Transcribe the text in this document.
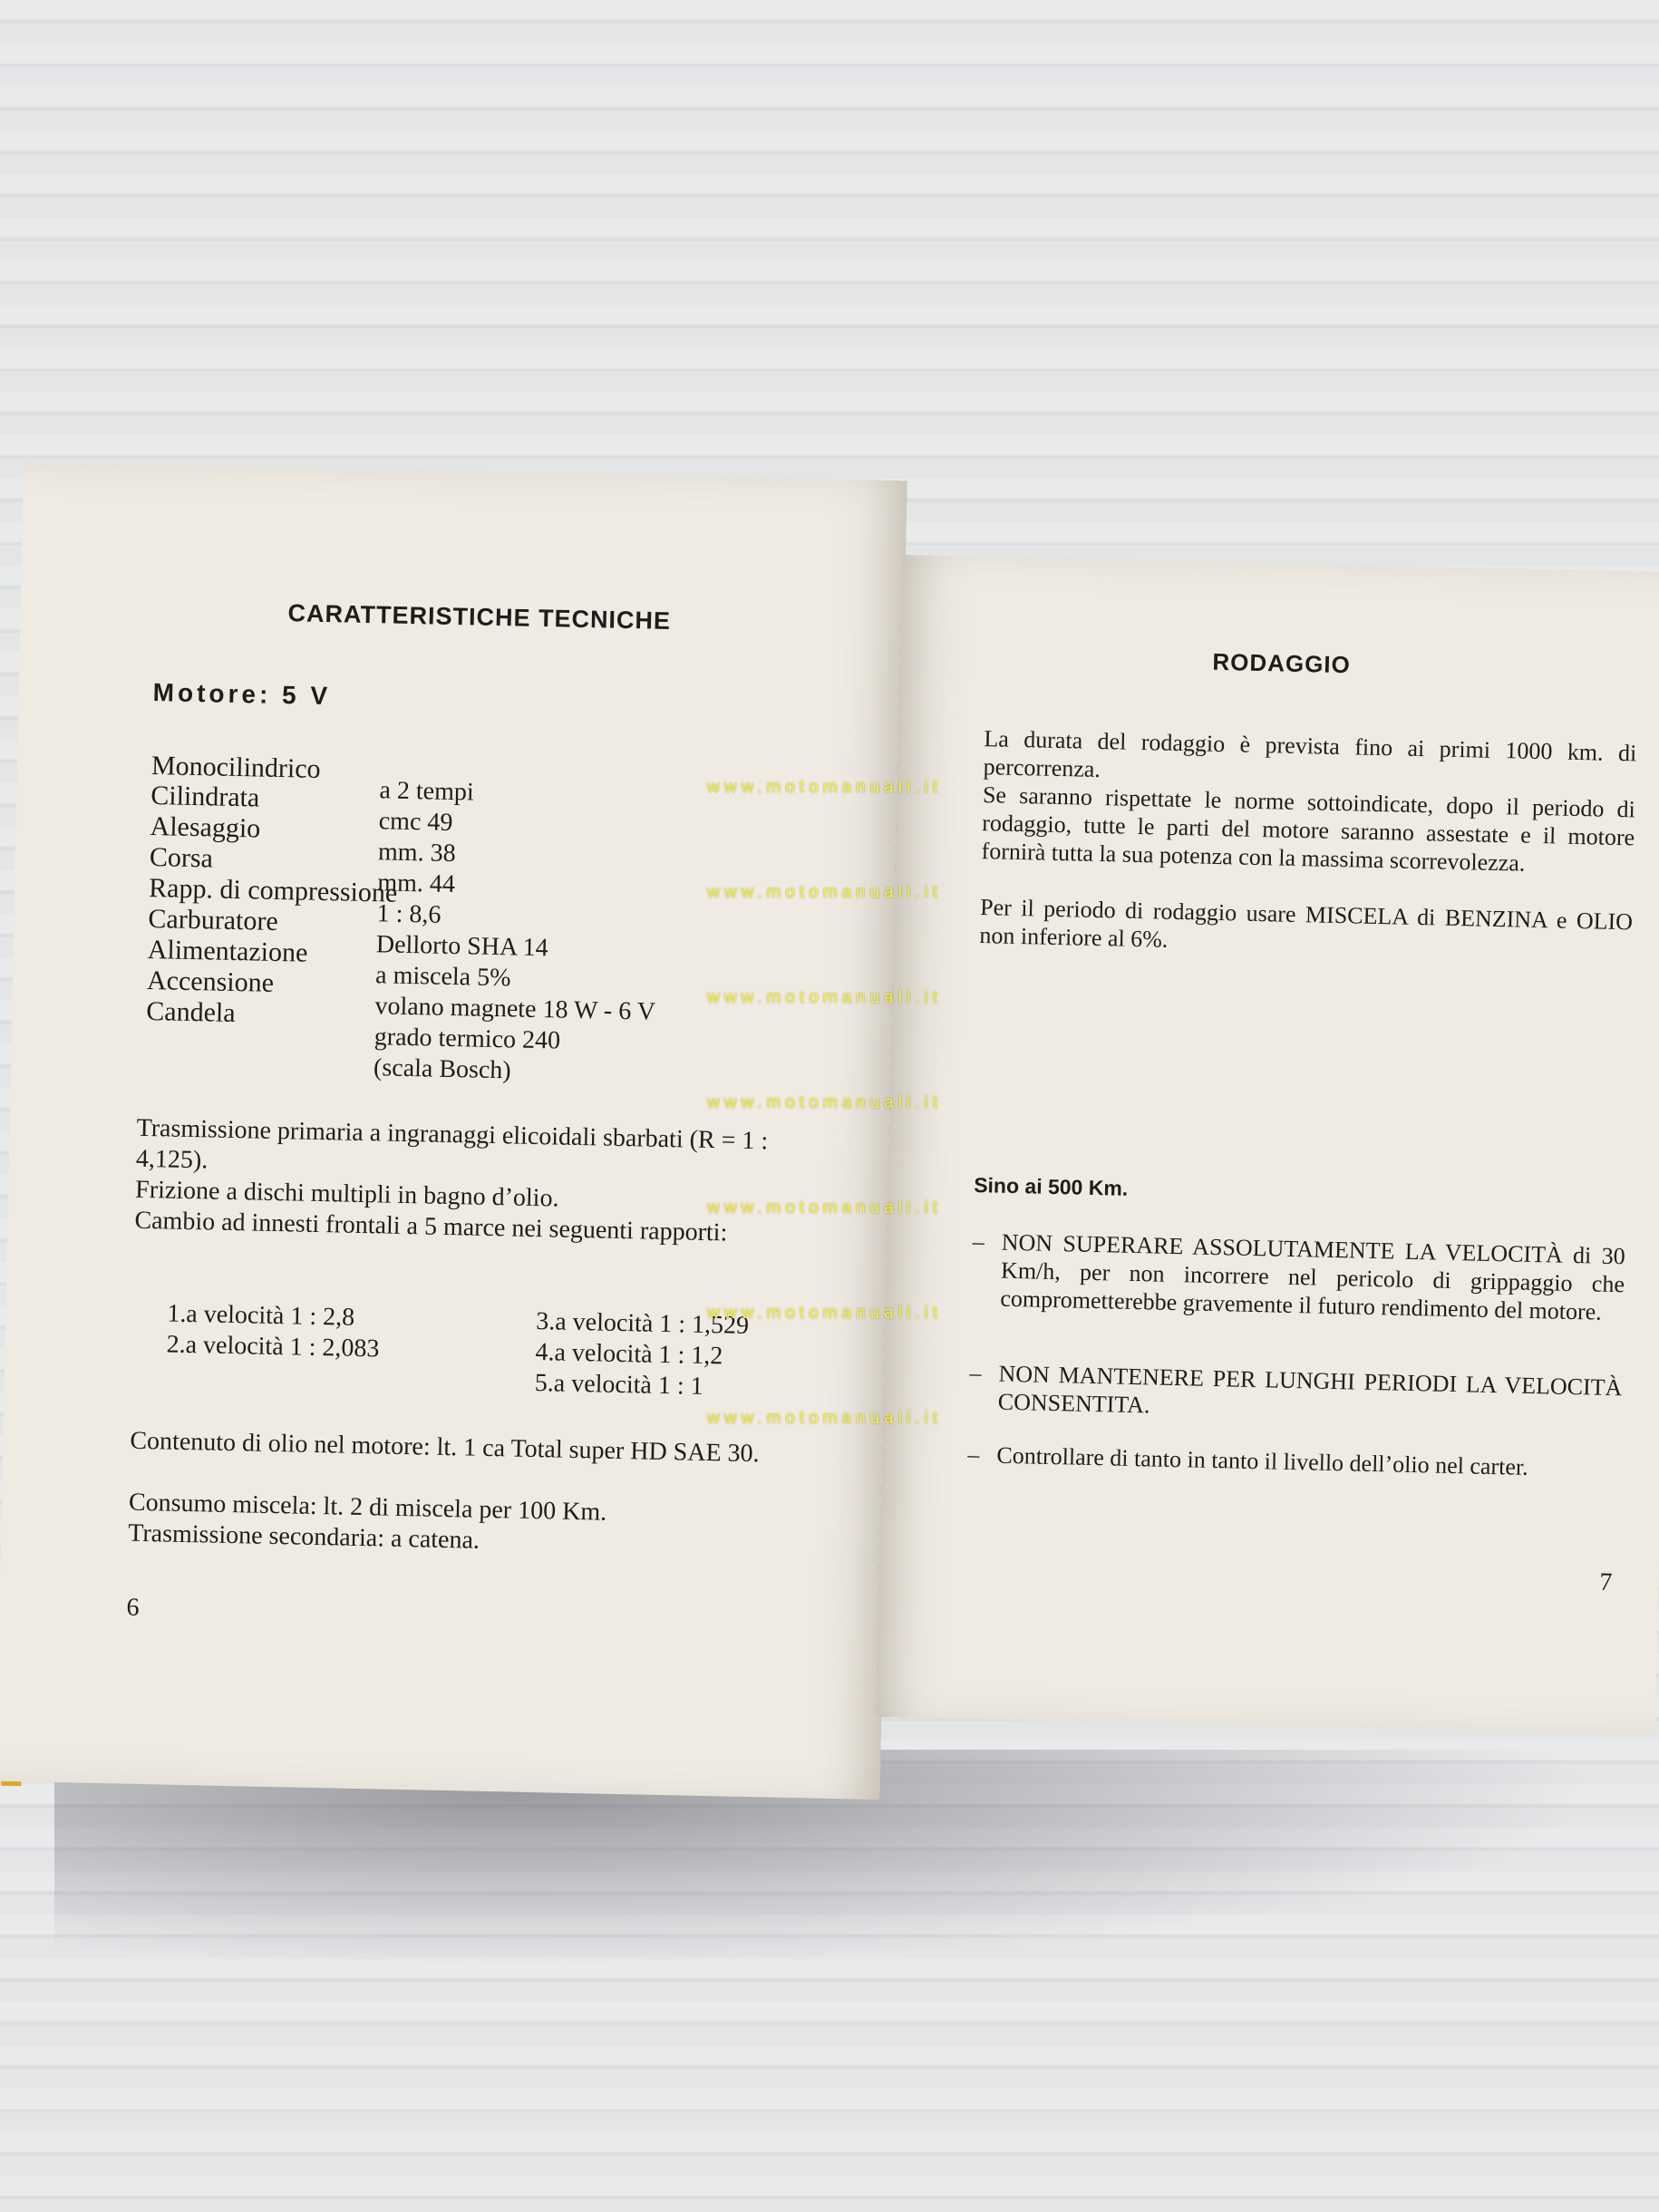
CARATTERISTICHE TECNICHE
Motore: 5 V
Monocilindrico
Cilindrata
Alesaggio
Corsa
Rapp. di compressione
Carburatore
Alimentazione
Accensione
Candela
a 2 tempi
cmc 49
mm. 38
mm. 44
1 : 8,6
Dellorto SHA 14
a miscela 5%
volano magnete 18 W - 6 V
grado termico 240
(scala Bosch)
Trasmissione primaria a ingranaggi elicoidali sbarbati (R = 1 : 4,125).
Frizione a dischi multipli in bagno d’olio.
Cambio ad innesti frontali a 5 marce nei seguenti rapporti:
1.a velocità 1 : 2,8
2.a velocità 1 : 2,083
3.a velocità 1 : 1,529
4.a velocità 1 : 1,2
5.a velocità 1 : 1
Contenuto di olio nel motore: lt. 1 ca Total super HD SAE 30.
Consumo miscela: lt. 2 di miscela per 100 Km.
Trasmissione secondaria: a catena.
6
RODAGGIO
La durata del rodaggio è prevista fino ai primi 1000 km. di percorrenza.
Se saranno rispettate le norme sottoindicate, dopo il periodo di rodaggio, tutte le parti del motore saranno assestate e il motore fornirà tutta la sua potenza con la massima scorrevolezza.
Per il periodo di rodaggio usare MISCELA di BENZINA e OLIO non inferiore al 6%.
Sino ai 500 Km.
– NON SUPERARE ASSOLUTAMENTE LA VELOCITÀ di 30 Km/h, per non incorrere nel pericolo di grippaggio che comprometterebbe gravemente il futuro rendimento del motore.
– NON MANTENERE PER LUNGHI PERIODI LA VELOCITÀ CONSENTITA.
– Controllare di tanto in tanto il livello dell’olio nel carter.
7
www.motomanuali.it
www.motomanuali.it
www.motomanuali.it
www.motomanuali.it
www.motomanuali.it
www.motomanuali.it
www.motomanuali.it
